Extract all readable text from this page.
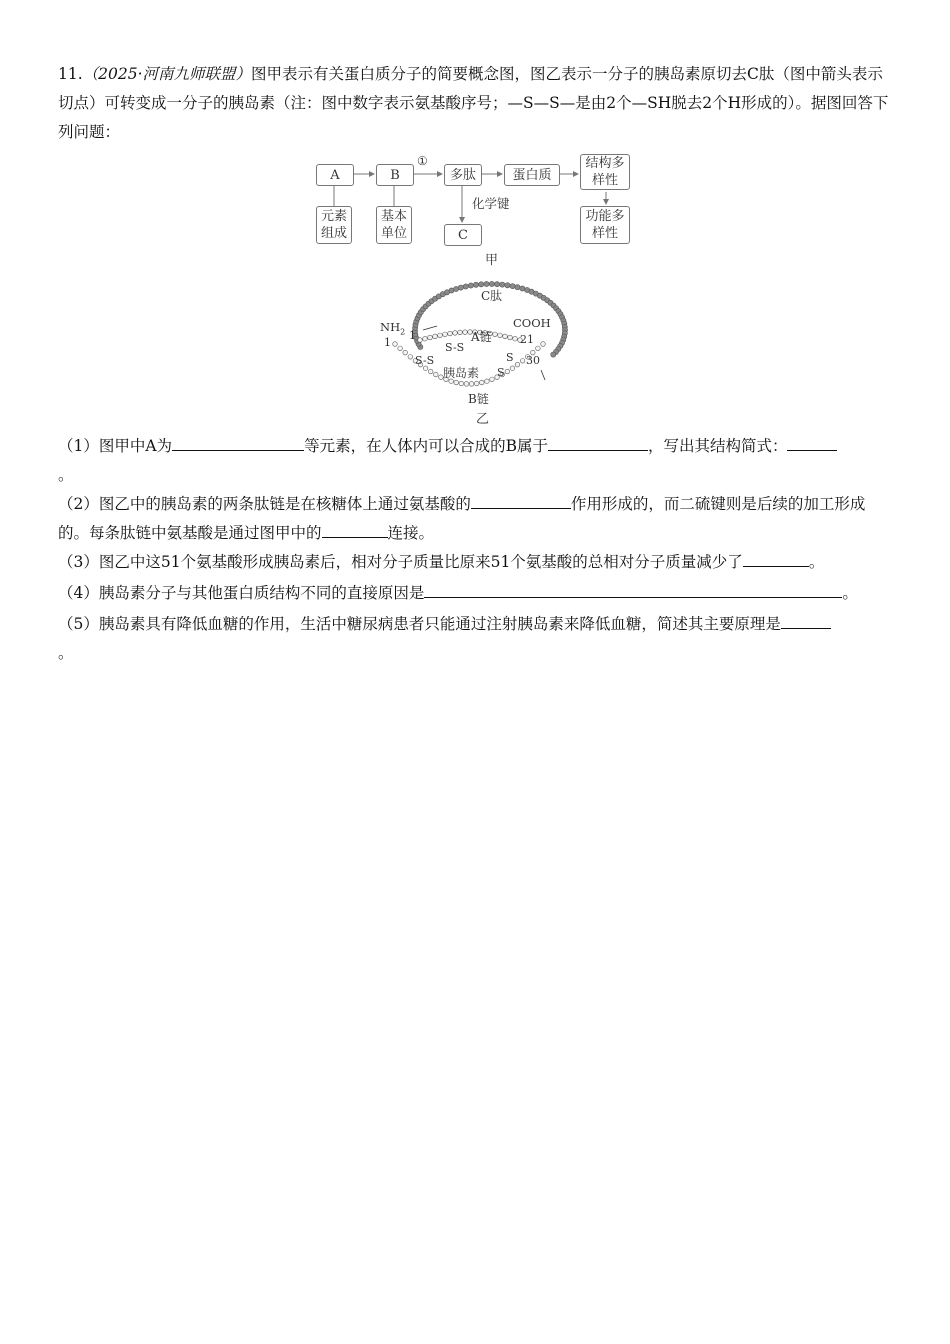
11.（2025·河南九师联盟）图甲表示有关蛋白质分子的简要概念图，图乙表示一分子的胰岛素原切去C肽（图中箭头表示切点）可转变成一分子的胰岛素（注：图中数字表示氨基酸序号；—S—S—是由2个—SH脱去2个H形成的）。据图回答下列问题：
A	B
①
多肽	蛋白质
结构多样性
元素组成
基本单位
化学键
C
功能多样性
甲
C肽
$NH_2$ 1
1	A链
COOH
21
30
S-S
S-S	S
S
胰岛素
B链
乙
（1）图甲中A为	等元素，在人体内可以合成的B属于	，写出其结构简式：
。
（2）图乙中的胰岛素的两条肽链是在核糖体上通过氨基酸的	作用形成的，而二硫键则是后续的加工形成的。每条肽链中氨基酸是通过图甲中的	连接。
（3）图乙中这51个氨基酸形成胰岛素后，相对分子质量比原来51个氨基酸的总相对分子质量减少了	。
（4）胰岛素分子与其他蛋白质结构不同的直接原因是	。
（5）胰岛素具有降低血糖的作用，生活中糖尿病患者只能通过注射胰岛素来降低血糖，简述其主要原理是
。
